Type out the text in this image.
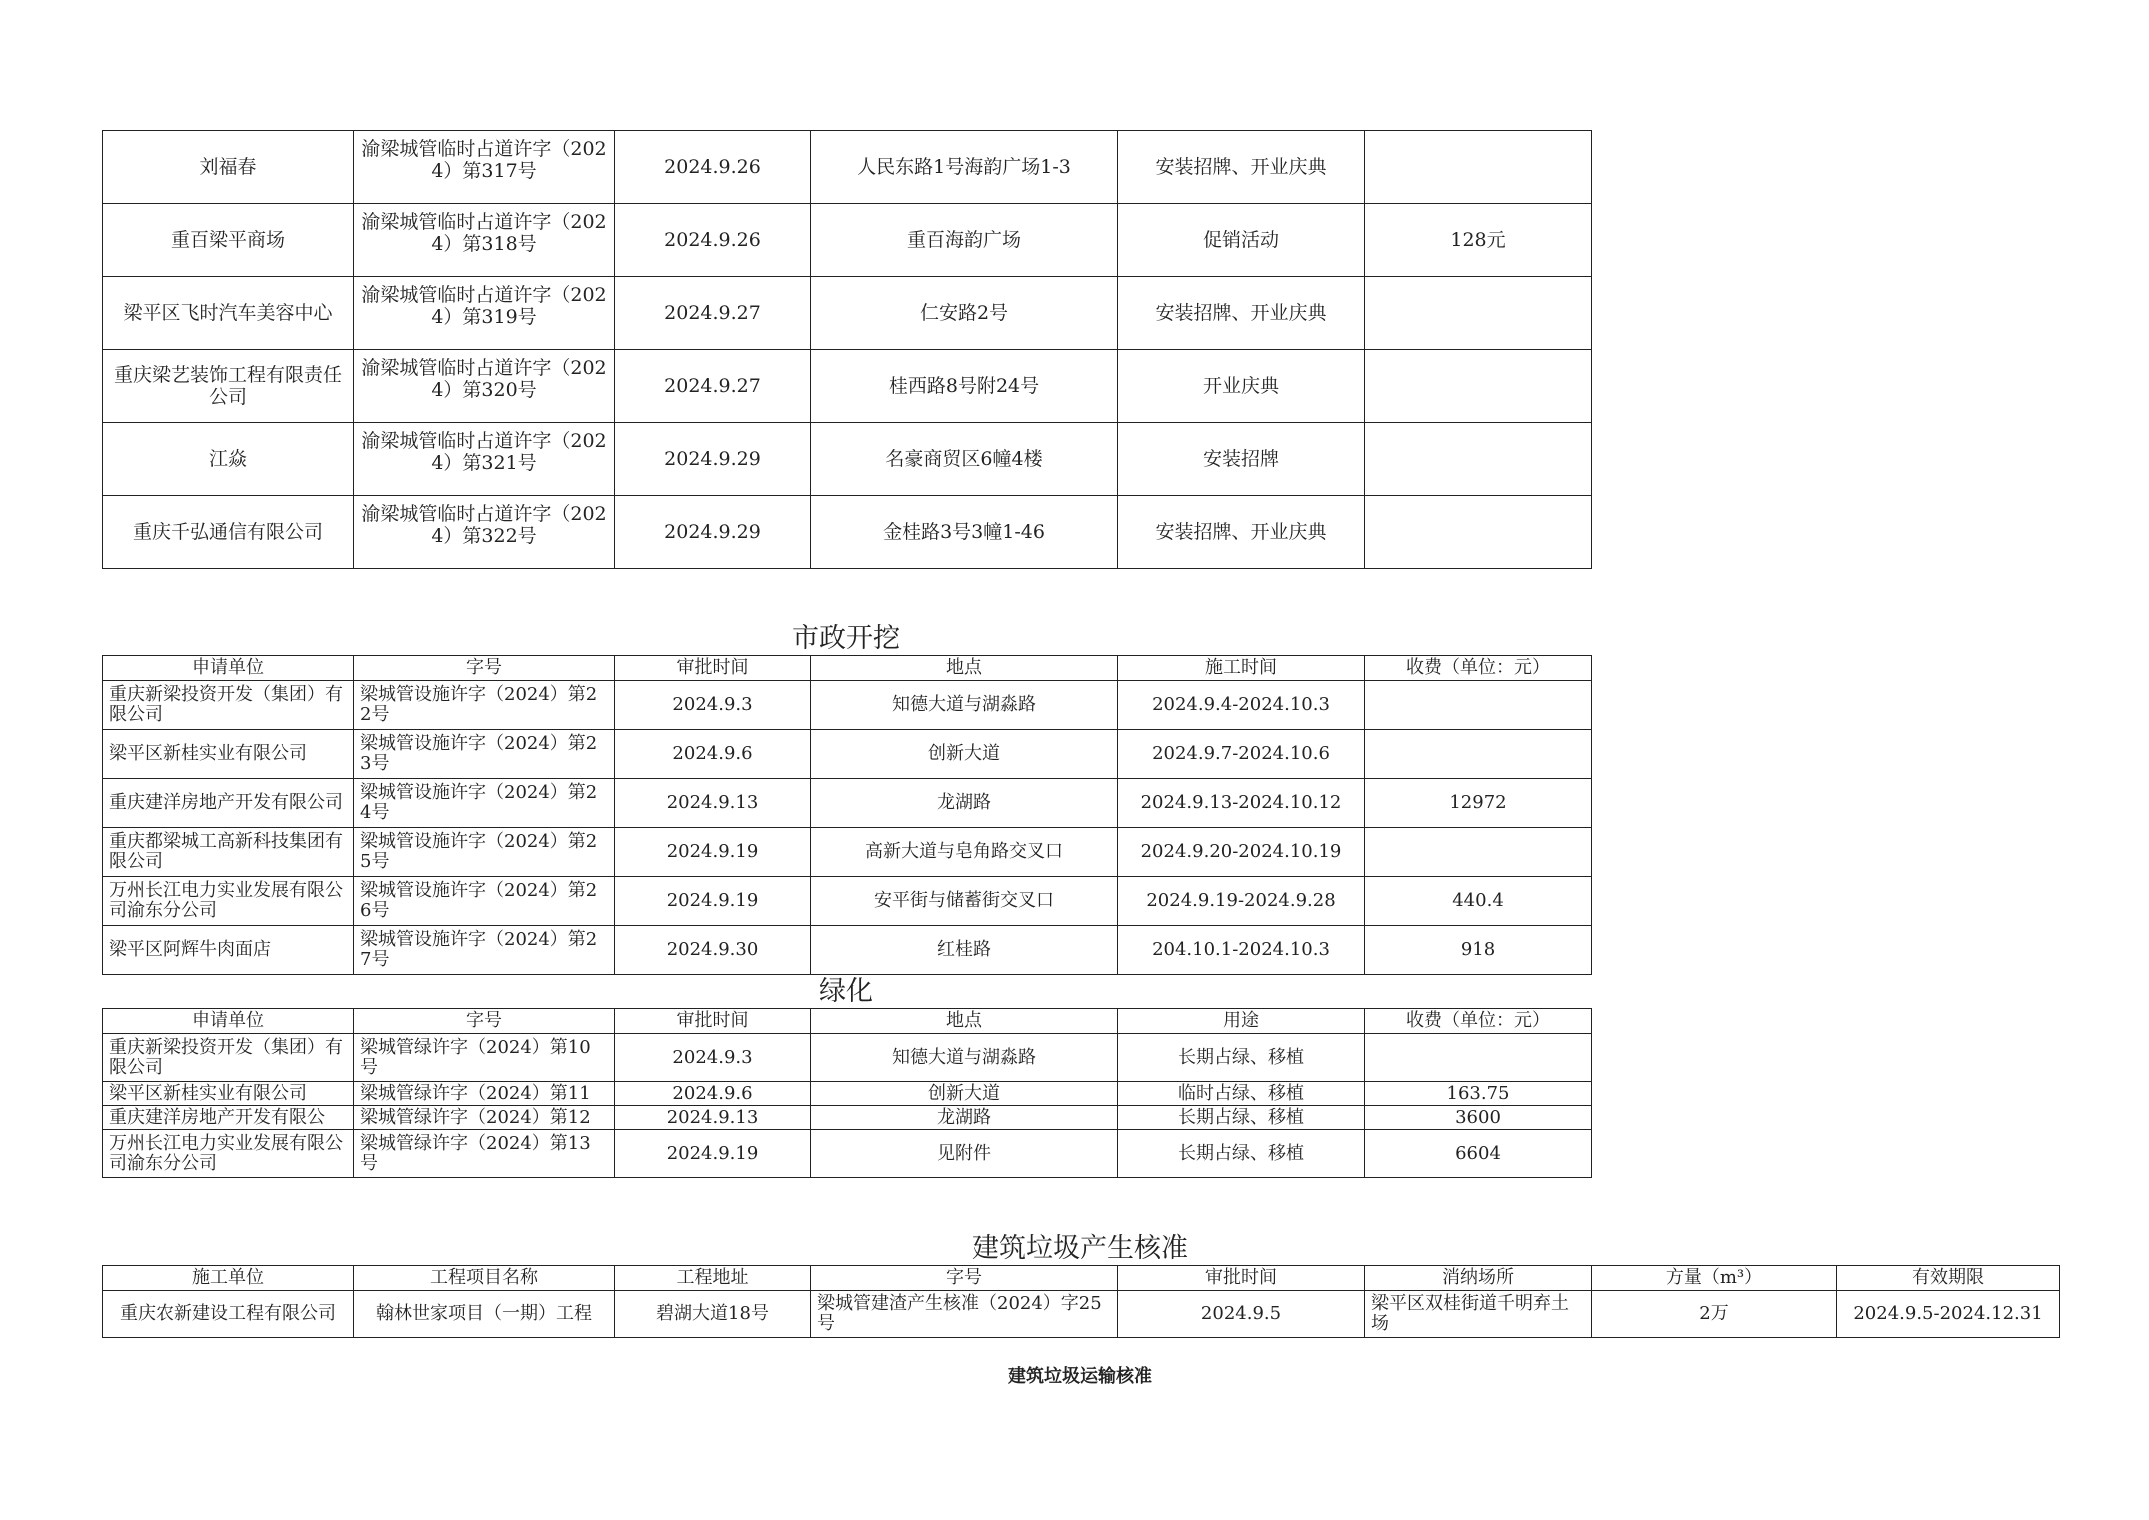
刘福春	渝梁城管临时占道许字（2024）第317号	2024.9.26	人民东路1号海韵广场1-3	安装招牌、开业庆典	
重百梁平商场	渝梁城管临时占道许字（2024）第318号	2024.9.26	重百海韵广场	促销活动	128元
梁平区飞时汽车美容中心	渝梁城管临时占道许字（2024）第319号	2024.9.27	仁安路2号	安装招牌、开业庆典	
重庆梁艺装饰工程有限责任公司	渝梁城管临时占道许字（2024）第320号	2024.9.27	桂西路8号附24号	开业庆典	
江焱	渝梁城管临时占道许字（2024）第321号	2024.9.29	名豪商贸区6幢4楼	安装招牌	
重庆千弘通信有限公司	渝梁城管临时占道许字（2024）第322号	2024.9.29	金桂路3号3幢1-46	安装招牌、开业庆典	
市政开挖
申请单位	字号	审批时间	地点	施工时间	收费（单位：元）
重庆新梁投资开发（集团）有限公司	梁城管设施许字（2024）第22号	2024.9.3	知德大道与湖淼路	2024.9.4-2024.10.3	
梁平区新桂实业有限公司	梁城管设施许字（2024）第23号	2024.9.6	创新大道	2024.9.7-2024.10.6	
重庆建洋房地产开发有限公司	梁城管设施许字（2024）第24号	2024.9.13	龙湖路	2024.9.13-2024.10.12	12972
重庆都梁城工高新科技集团有限公司	梁城管设施许字（2024）第25号	2024.9.19	高新大道与皂角路交叉口	2024.9.20-2024.10.19	
万州长江电力实业发展有限公司渝东分公司	梁城管设施许字（2024）第26号	2024.9.19	安平街与储蓄街交叉口	2024.9.19-2024.9.28	440.4
梁平区阿辉牛肉面店	梁城管设施许字（2024）第27号	2024.9.30	红桂路	204.10.1-2024.10.3	918
绿化
申请单位	字号	审批时间	地点	用途	收费（单位：元）
重庆新梁投资开发（集团）有限公司	梁城管绿许字（2024）第10号	2024.9.3	知德大道与湖淼路	长期占绿、移植	
梁平区新桂实业有限公司	梁城管绿许字（2024）第11	2024.9.6	创新大道	临时占绿、移植	163.75
重庆建洋房地产开发有限公	梁城管绿许字（2024）第12	2024.9.13	龙湖路	长期占绿、移植	3600
万州长江电力实业发展有限公司渝东分公司	梁城管绿许字（2024）第13号	2024.9.19	见附件	长期占绿、移植	6604
建筑垃圾产生核准
施工单位	工程项目名称	工程地址	字号	审批时间	消纳场所	方量（m³）	有效期限
重庆农新建设工程有限公司	翰林世家项目（一期）工程	碧湖大道18号	梁城管建渣产生核准（2024）字25号	2024.9.5	梁平区双桂街道千明弃土场	2万	2024.9.5-2024.12.31
建筑垃圾运输核准
